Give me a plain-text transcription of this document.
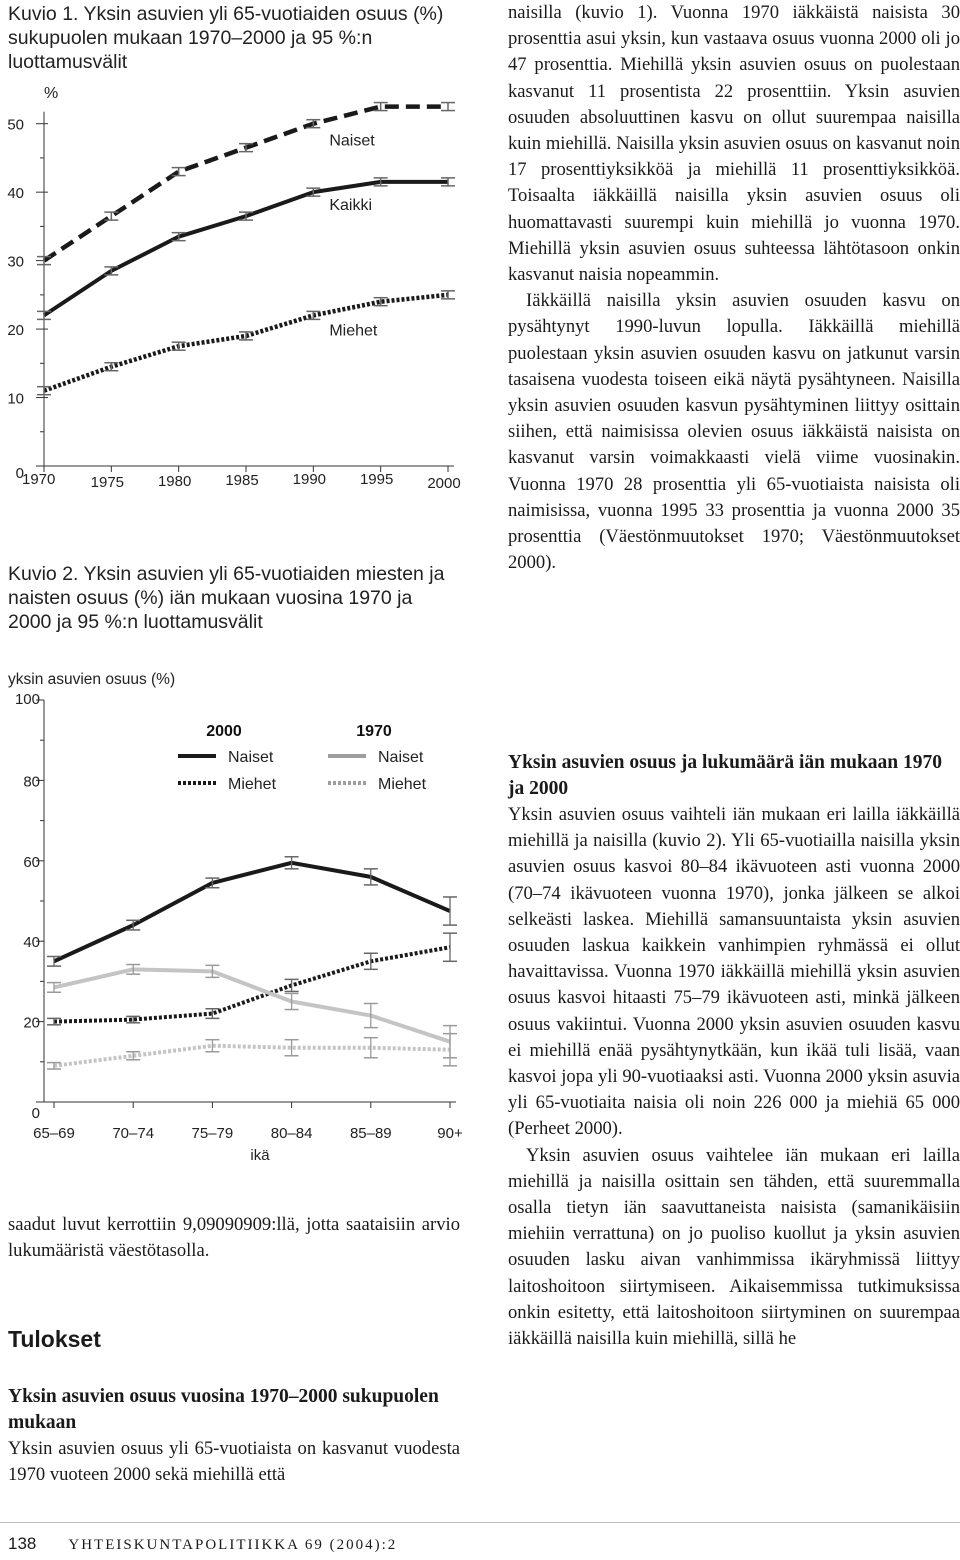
Kuvio 1. Yksin asuvien yli 65-vuotiaiden osuus (%) sukupuolen mukaan 1970–2000 ja 95 %:n luottamusvälit

%
0
10
20
30
40
50
1970 1975 1980 1985 1990 1995 2000
Naiset
Kaikki
Miehet

Kuvio 2. Yksin asuvien yli 65-vuotiaiden miesten ja naisten osuus (%) iän mukaan vuosina 1970 ja 2000 ja 95 %:n luottamusvälit

yksin asuvien osuus (%)
0
20
40
60
80
100
65–69 70–74 75–79 80–84 85–89	90+
ikä
2000
Naiset
Miehet
1970
Naiset
Miehet

saadut luvut kerrottiin 9,09090909:llä, jotta saataisiin arvio lukumääristä väestötasolla.

Tulokset
Yksin asuvien osuus vuosina 1970–2000 sukupuolen mukaan

Yksin asuvien osuus yli 65-vuotiaista on kasvanut vuodesta 1970 vuoteen 2000 sekä miehillä että

naisilla (kuvio 1). Vuonna 1970 iäkkäistä naisista 30 prosenttia asui yksin, kun vastaava osuus vuonna 2000 oli jo 47 prosenttia. Miehillä yksin asuvien osuus on puolestaan kasvanut 11 prosentista 22 prosenttiin. Yksin asuvien osuuden absoluuttinen kasvu on ollut suurempaa naisilla kuin miehillä. Naisilla yksin asuvien osuus on kasvanut noin 17 prosenttiyksikköä ja miehillä 11 prosenttiyksikköä. Toisaalta iäkkäillä naisilla yksin asuvien osuus oli huomattavasti suurempi kuin miehillä jo vuonna 1970. Miehillä yksin asuvien osuus suhteessa lähtötasoon onkin kasvanut naisia nopeammin.

Iäkkäillä naisilla yksin asuvien osuuden kasvu on pysähtynyt 1990-luvun lopulla. Iäkkäillä miehillä puolestaan yksin asuvien osuuden kasvu on jatkunut varsin tasaisena vuodesta toiseen eikä näytä pysähtyneen. Naisilla yksin asuvien osuuden kasvun pysähtyminen liittyy osittain siihen, että naimisissa olevien osuus iäkkäistä naisista on kasvanut varsin voimakkaasti vielä viime vuosinakin. Vuonna 1970 28 prosenttia yli 65-vuotiaista naisista oli naimisissa, vuonna 1995 33 prosenttia ja vuonna 2000 35 prosenttia (Väestönmuutokset 1970; Väestönmuutokset 2000).

Yksin asuvien osuus ja lukumäärä iän mukaan 1970 ja 2000

Yksin asuvien osuus vaihteli iän mukaan eri lailla iäkkäillä miehillä ja naisilla (kuvio 2). Yli 65-vuotiailla naisilla yksin asuvien osuus kasvoi 80–84 ikävuoteen asti vuonna 2000 (70–74 ikävuoteen vuonna 1970), jonka jälkeen se alkoi selkeästi laskea. Miehillä samansuuntaista yksin asuvien osuuden laskua kaikkein vanhimpien ryhmässä ei ollut havaittavissa. Vuonna 1970 iäkkäillä miehillä yksin asuvien osuus kasvoi hitaasti 75–79 ikävuoteen asti, minkä jälkeen osuus vakiintui. Vuonna 2000 yksin asuvien osuuden kasvu ei miehillä enää pysähtynytkään, kun ikää tuli lisää, vaan kasvoi jopa yli 90-vuotiaaksi asti. Vuonna 2000 yksin asuvia yli 65-vuotiaita naisia oli noin 226 000 ja miehiä 65 000 (Perheet 2000).

Yksin asuvien osuus vaihtelee iän mukaan eri lailla miehillä ja naisilla osittain sen tähden, että suuremmalla osalla tietyn iän saavuttaneista naisista (samanikäisiin miehiin verrattuna) on jo puoliso kuollut ja yksin asuvien osuuden lasku aivan vanhimmissa ikäryhmissä liittyy laitoshoitoon siirtymiseen. Aikaisemmissa tutkimuksissa onkin esitetty, että laitoshoitoon siirtyminen on suurempaa iäkkäillä naisilla kuin miehillä, sillä he

138 YHTEISKUNTAPOLITIIKKA 69 (2004):2
